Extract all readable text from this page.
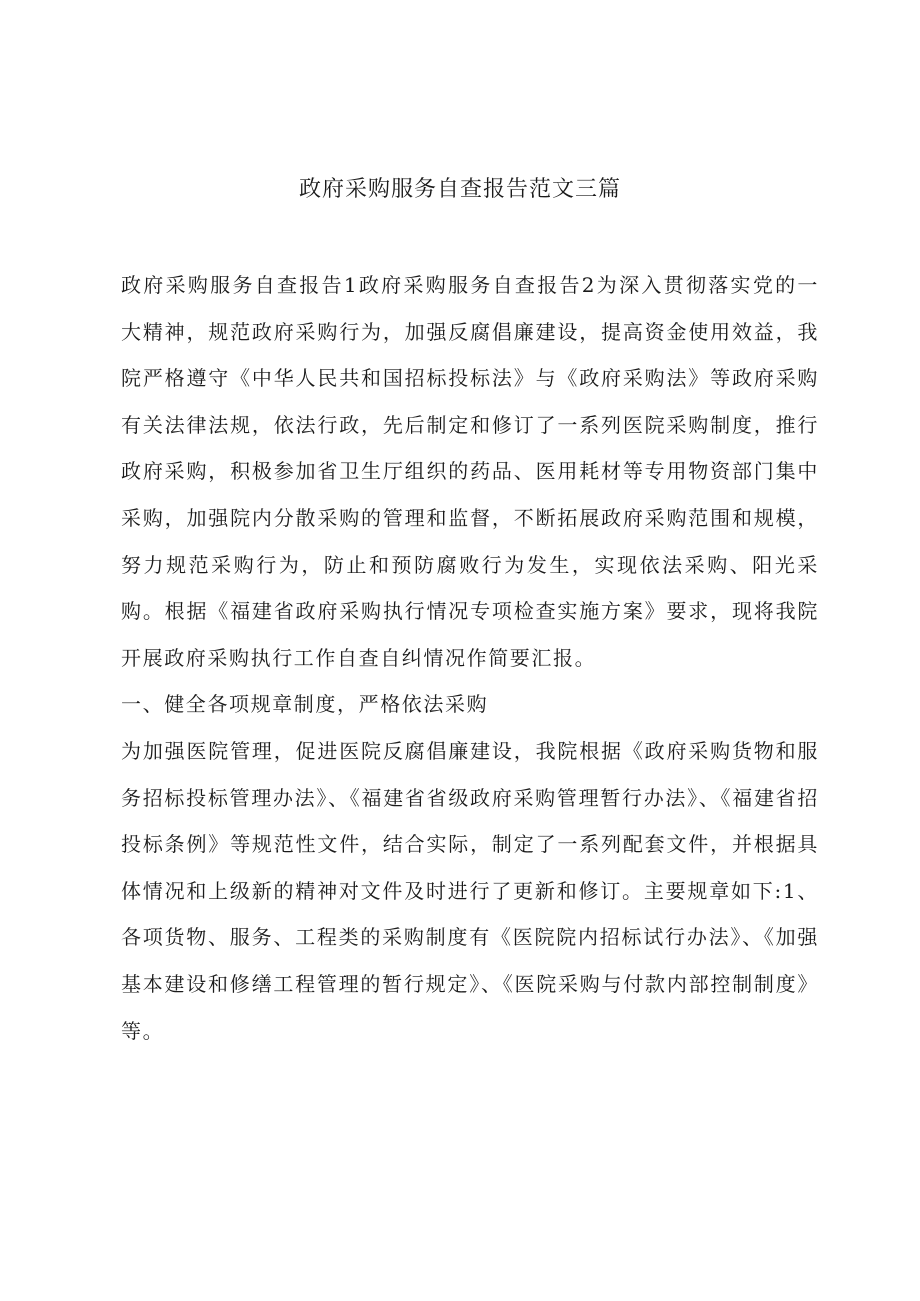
政府采购服务自查报告范文三篇

政府采购服务自查报告1政府采购服务自查报告2为深入贯彻落实党的一大精神，规范政府采购行为，加强反腐倡廉建设，提高资金使用效益，我院严格遵守《中华人民共和国招标投标法》与《政府采购法》等政府采购有关法律法规，依法行政，先后制定和修订了一系列医院采购制度，推行政府采购，积极参加省卫生厅组织的药品、医用耗材等专用物资部门集中采购，加强院内分散采购的管理和监督，不断拓展政府采购范围和规模，努力规范采购行为，防止和预防腐败行为发生，实现依法采购、阳光采购。根据《福建省政府采购执行情况专项检查实施方案》要求，现将我院开展政府采购执行工作自查自纠情况作简要汇报。

一、健全各项规章制度，严格依法采购

为加强医院管理，促进医院反腐倡廉建设，我院根据《政府采购货物和服务招标投标管理办法》、《福建省省级政府采购管理暂行办法》、《福建省招投标条例》等规范性文件，结合实际，制定了一系列配套文件，并根据具体情况和上级新的精神对文件及时进行了更新和修订。主要规章如下:1、各项货物、服务、工程类的采购制度有《医院院内招标试行办法》、《加强基本建设和修缮工程管理的暂行规定》、《医院采购与付款内部控制制度》等。
